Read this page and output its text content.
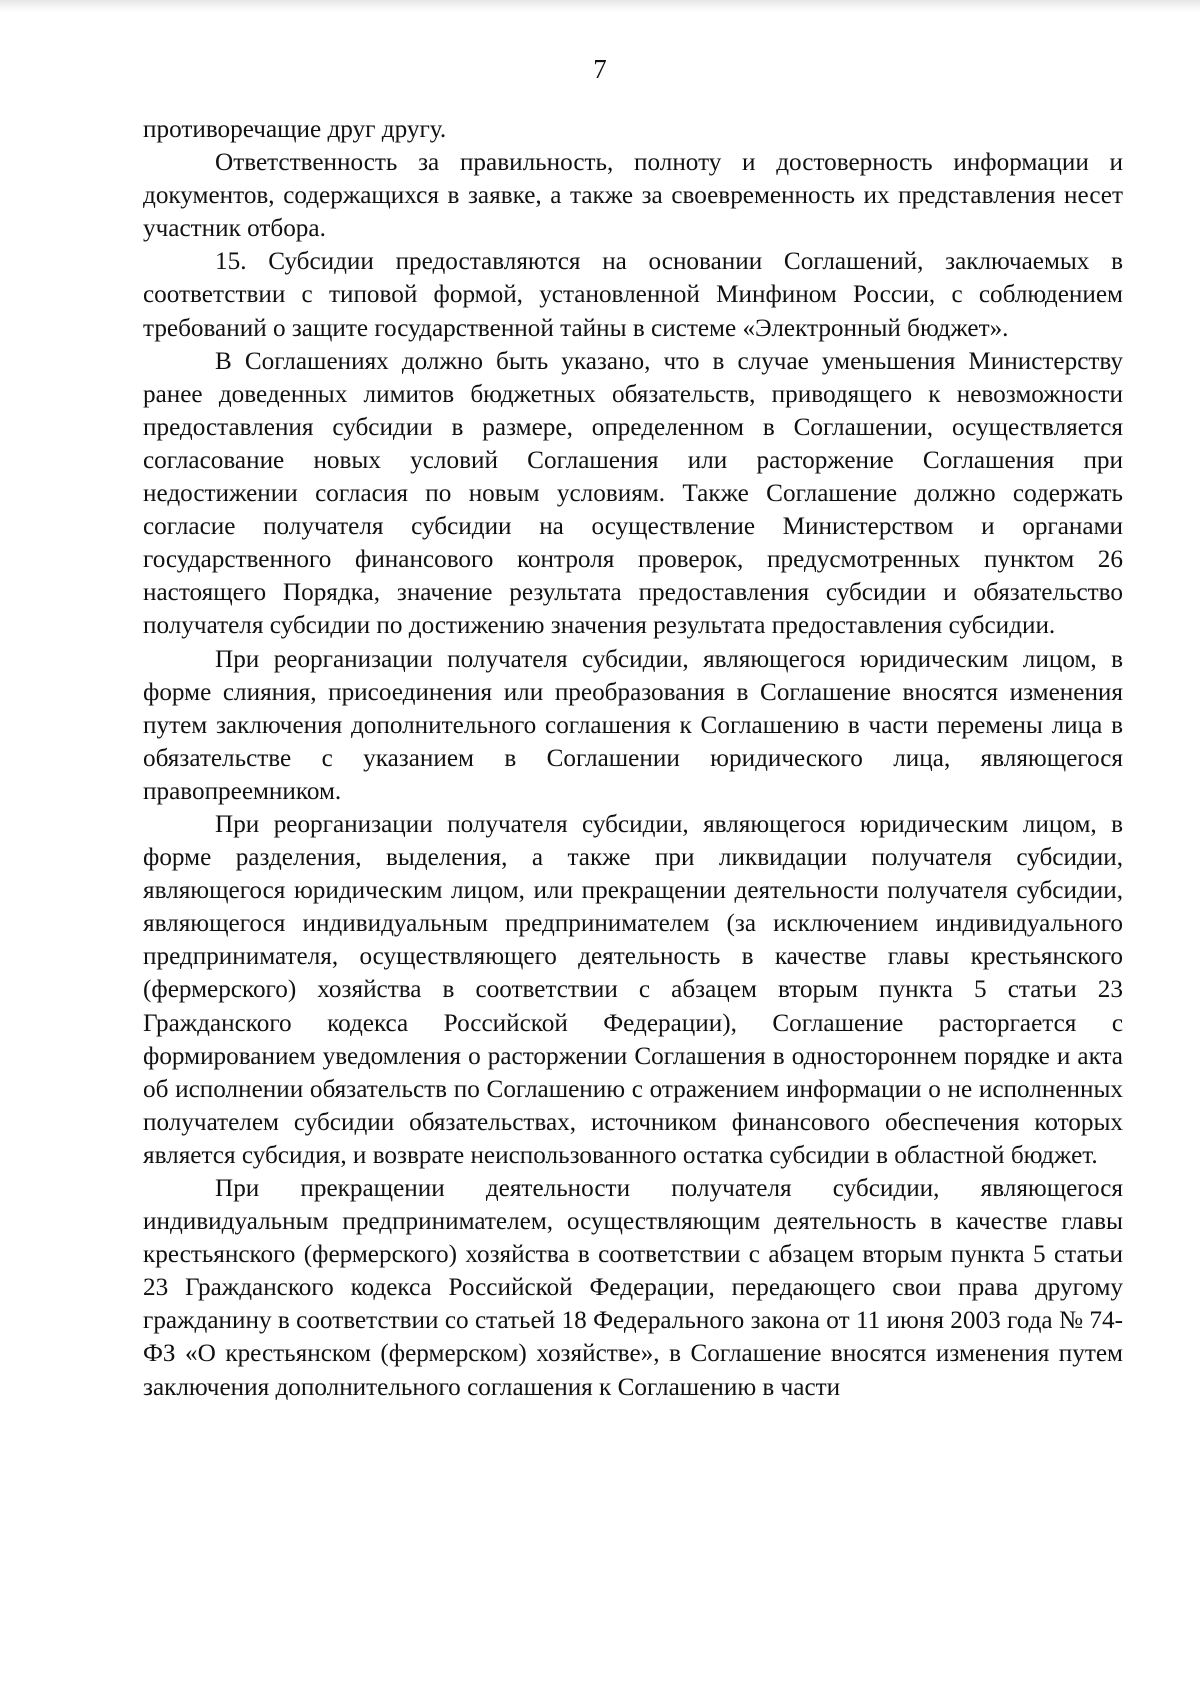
7

противоречащие друг другу.

Ответственность за правильность, полноту и достоверность информации и документов, содержащихся в заявке, а также за своевременность их представления несет участник отбора.

15. Субсидии предоставляются на основании Соглашений, заключаемых в соответствии с типовой формой, установленной Минфином России, с соблюдением требований о защите государственной тайны в системе «Электронный бюджет».

В Соглашениях должно быть указано, что в случае уменьшения Министерству ранее доведенных лимитов бюджетных обязательств, приводящего к невозможности предоставления субсидии в размере, определенном в Соглашении, осуществляется согласование новых условий Соглашения или расторжение Соглашения при недостижении согласия по новым условиям. Также Соглашение должно содержать согласие получателя субсидии на осуществление Министерством и органами государственного финансового контроля проверок, предусмотренных пунктом 26 настоящего Порядка, значение результата предоставления субсидии и обязательство получателя субсидии по достижению значения результата предоставления субсидии.

При реорганизации получателя субсидии, являющегося юридическим лицом, в форме слияния, присоединения или преобразования в Соглашение вносятся изменения путем заключения дополнительного соглашения к Соглашению в части перемены лица в обязательстве с указанием в Соглашении юридического лица, являющегося правопреемником.

При реорганизации получателя субсидии, являющегося юридическим лицом, в форме разделения, выделения, а также при ликвидации получателя субсидии, являющегося юридическим лицом, или прекращении деятельности получателя субсидии, являющегося индивидуальным предпринимателем (за исключением индивидуального предпринимателя, осуществляющего деятельность в качестве главы крестьянского (фермерского) хозяйства в соответствии с абзацем вторым пункта 5 статьи 23 Гражданского кодекса Российской Федерации), Соглашение расторгается с формированием уведомления о расторжении Соглашения в одностороннем порядке и акта об исполнении обязательств по Соглашению с отражением информации о не исполненных получателем субсидии обязательствах, источником финансового обеспечения которых является субсидия, и возврате неиспользованного остатка субсидии в областной бюджет.

При прекращении деятельности получателя субсидии, являющегося индивидуальным предпринимателем, осуществляющим деятельность в качестве главы крестьянского (фермерского) хозяйства в соответствии с абзацем вторым пункта 5 статьи 23 Гражданского кодекса Российской Федерации, передающего свои права другому гражданину в соответствии со статьей 18 Федерального закона от 11 июня 2003 года № 74-ФЗ «О крестьянском (фермерском) хозяйстве», в Соглашение вносятся изменения путем заключения дополнительного соглашения к Соглашению в части
